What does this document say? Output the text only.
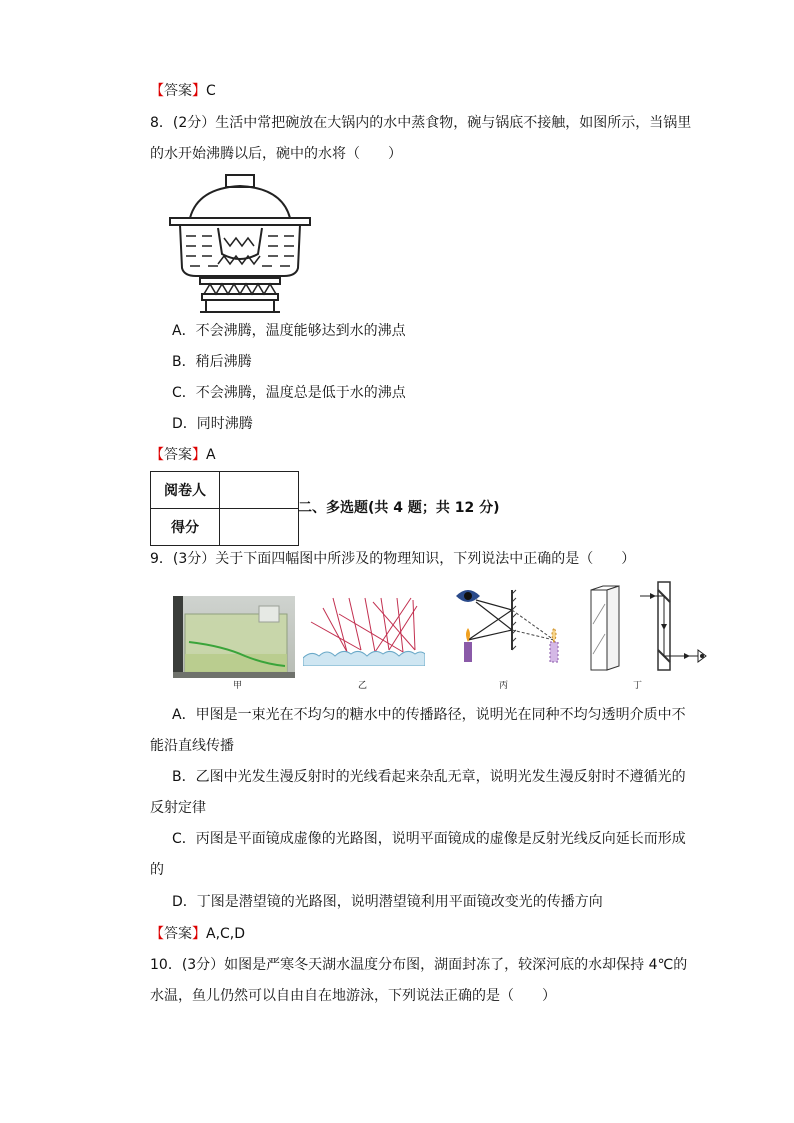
【答案】C
8．(2分）生活中常把碗放在大锅内的水中蒸食物，碗与锅底不接触，如图所示，当锅里
的水开始沸腾以后，碗中的水将（　　）
A．不会沸腾，温度能够达到水的沸点
B．稍后沸腾
C．不会沸腾，温度总是低于水的沸点
D．同时沸腾
【答案】A
阅卷人	
得分	
二、多选题(共 4 题；共 12 分)
9．(3分）关于下面四幅图中所涉及的物理知识，下列说法中正确的是（　　）
甲	乙	丙	丁
A．甲图是一束光在不均匀的糖水中的传播路径，说明光在同种不均匀透明介质中不
能沿直线传播
B．乙图中光发生漫反射时的光线看起来杂乱无章，说明光发生漫反射时不遵循光的
反射定律
C．丙图是平面镜成虚像的光路图，说明平面镜成的虚像是反射光线反向延长而形成
的
D．丁图是潜望镜的光路图，说明潜望镜利用平面镜改变光的传播方向
【答案】A,C,D
10．(3分）如图是严寒冬天湖水温度分布图，湖面封冻了，较深河底的水却保持 4℃的
水温，鱼儿仍然可以自由自在地游泳，下列说法正确的是（　　）
